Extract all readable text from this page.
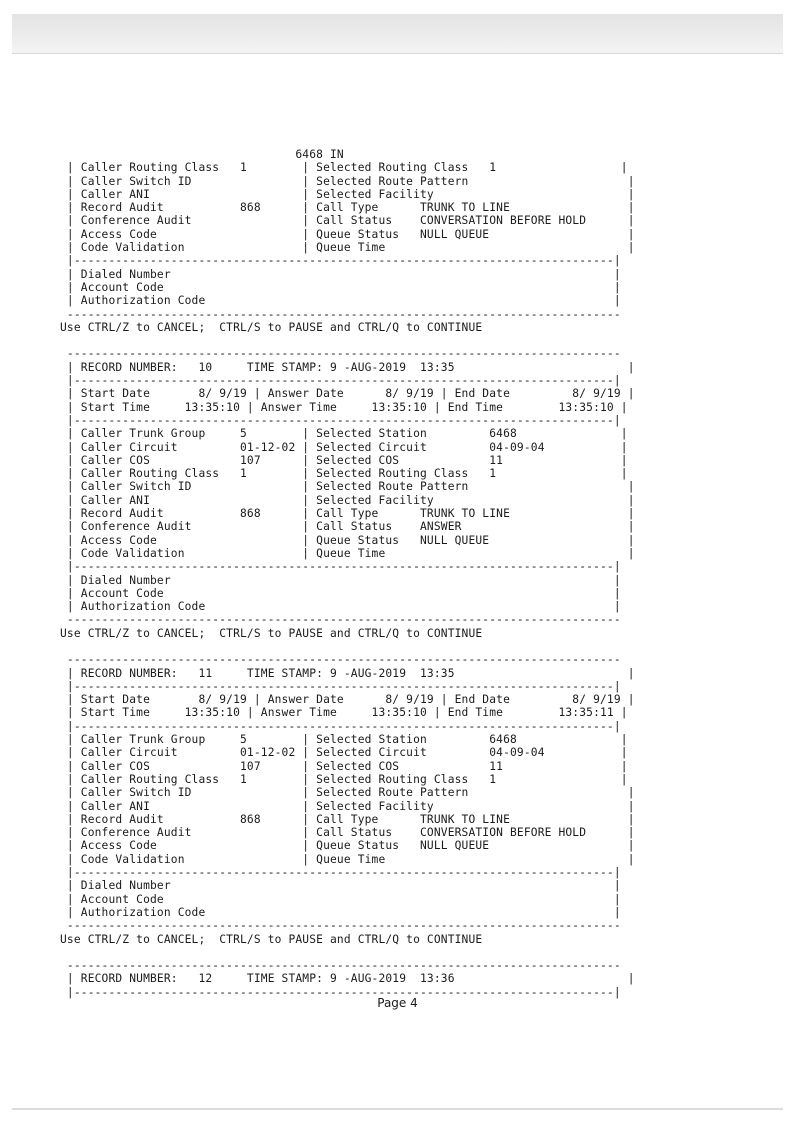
6468 IN
| Caller Routing Class   1        | Selected Routing Class   1                  |
| Caller Switch ID                | Selected Route Pattern                       |
| Caller ANI                      | Selected Facility                            |
| Record Audit           868      | Call Type      TRUNK TO LINE                 |
| Conference Audit                | Call Status    CONVERSATION BEFORE HOLD      |
| Access Code                     | Queue Status   NULL QUEUE                    |
| Code Validation                 | Queue Time                                   |
|------------------------------------------------------------------------------|
| Dialed Number                                                                |
| Account Code                                                                 |
| Authorization Code                                                           |
--------------------------------------------------------------------------------
Use CTRL/Z to CANCEL;  CTRL/S to PAUSE and CTRL/Q to CONTINUE

--------------------------------------------------------------------------------
| RECORD NUMBER:   10     TIME STAMP: 9 -AUG-2019  13:35                         |
|------------------------------------------------------------------------------|
| Start Date       8/ 9/19 | Answer Date      8/ 9/19 | End Date         8/ 9/19 |
| Start Time     13:35:10 | Answer Time     13:35:10 | End Time        13:35:10 |
|------------------------------------------------------------------------------|
| Caller Trunk Group     5        | Selected Station         6468               |
| Caller Circuit         01-12-02 | Selected Circuit         04-09-04           |
| Caller COS             107      | Selected COS             11                 |
| Caller Routing Class   1        | Selected Routing Class   1                  |
| Caller Switch ID                | Selected Route Pattern                       |
| Caller ANI                      | Selected Facility                            |
| Record Audit           868      | Call Type      TRUNK TO LINE                 |
| Conference Audit                | Call Status    ANSWER                        |
| Access Code                     | Queue Status   NULL QUEUE                    |
| Code Validation                 | Queue Time                                   |
|------------------------------------------------------------------------------|
| Dialed Number                                                                |
| Account Code                                                                 |
| Authorization Code                                                           |
--------------------------------------------------------------------------------
Use CTRL/Z to CANCEL;  CTRL/S to PAUSE and CTRL/Q to CONTINUE

--------------------------------------------------------------------------------
| RECORD NUMBER:   11     TIME STAMP: 9 -AUG-2019  13:35                         |
|------------------------------------------------------------------------------|
| Start Date       8/ 9/19 | Answer Date      8/ 9/19 | End Date         8/ 9/19 |
| Start Time     13:35:10 | Answer Time     13:35:10 | End Time        13:35:11 |
|------------------------------------------------------------------------------|
| Caller Trunk Group     5        | Selected Station         6468               |
| Caller Circuit         01-12-02 | Selected Circuit         04-09-04           |
| Caller COS             107      | Selected COS             11                 |
| Caller Routing Class   1        | Selected Routing Class   1                  |
| Caller Switch ID                | Selected Route Pattern                       |
| Caller ANI                      | Selected Facility                            |
| Record Audit           868      | Call Type      TRUNK TO LINE                 |
| Conference Audit                | Call Status    CONVERSATION BEFORE HOLD      |
| Access Code                     | Queue Status   NULL QUEUE                    |
| Code Validation                 | Queue Time                                   |
|------------------------------------------------------------------------------|
| Dialed Number                                                                |
| Account Code                                                                 |
| Authorization Code                                                           |
--------------------------------------------------------------------------------
Use CTRL/Z to CANCEL;  CTRL/S to PAUSE and CTRL/Q to CONTINUE

--------------------------------------------------------------------------------
| RECORD NUMBER:   12     TIME STAMP: 9 -AUG-2019  13:36                         |
|------------------------------------------------------------------------------|
Page 4
